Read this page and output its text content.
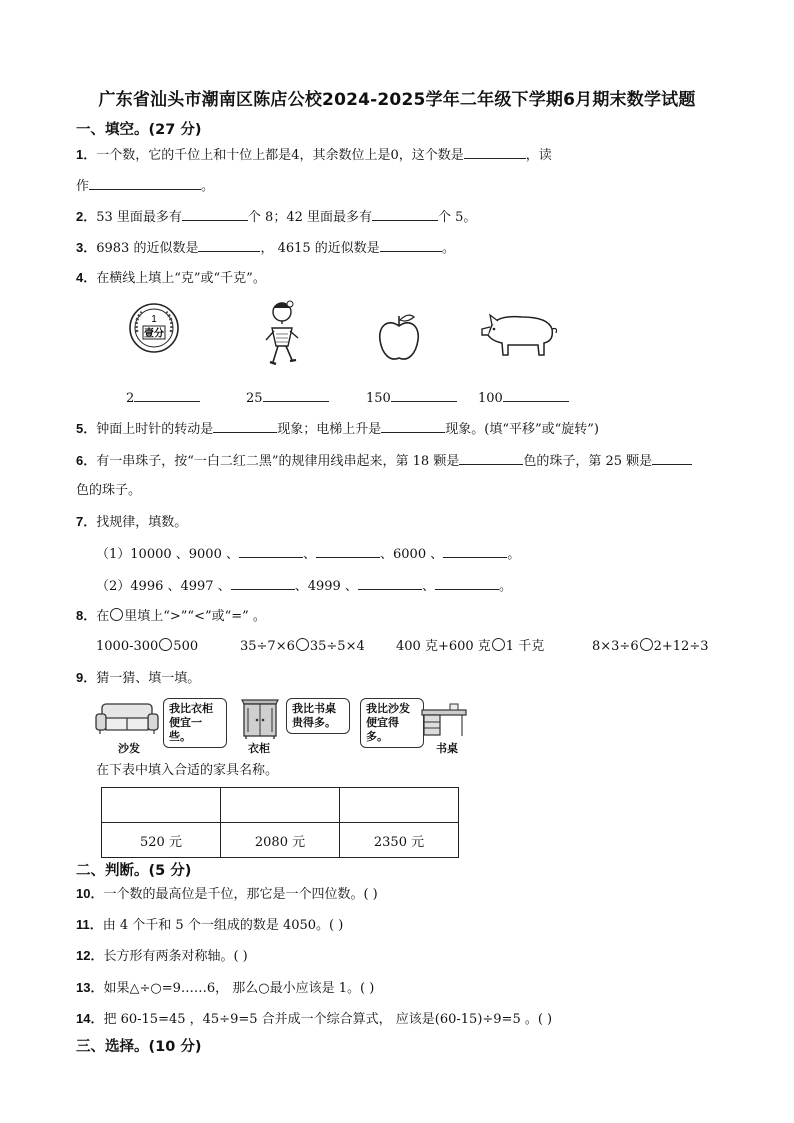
广东省汕头市潮南区陈店公校2024-2025学年二年级下学期6月期末数学试题
一、填空。(27 分)
1．一个数，它的千位上和十位上都是4，其余数位上是0，这个数是	，读
作	。
2．53 里面最多有	个 8；42 里面最多有	个 5。
3．6983 的近似数是	， 4615 的近似数是	。
4．在横线上填上“克”或“千克”。
1
壹分
2	25	150	100
5．钟面上时针的转动是	现象；电梯上升是	现象。(填“平移”或“旋转”)
6．有一串珠子，按“一白二红二黑”的规律用线串起来，第 18 颗是	色的珠子，第 25 颗是
色的珠子。
7．找规律，填数。
（1）10000 、9000 、	、	、6000 、	。
（2）4996 、4997 、	、4999 、	、	。
8．在 里填上“>”“<”或“=” 。
1000-300 500	35÷7×6 35÷5×4 400 克+600 克 1 千克	8×3÷6 2+12÷3
9．猜一猜、填一填。
我比衣柜便宜一些。
沙发
我比书桌贵得多。
衣柜
我比沙发便宜得多。
书桌
在下表中填入合适的家具名称。

520 元	2080 元	2350 元
二、判断。(5 分)
10．一个数的最高位是千位，那它是一个四位数。( )
11．由 4 个千和 5 个一组成的数是 4050。( )
12．长方形有两条对称轴。( )
13．如果△÷○=9……6， 那么○最小应该是 1。( )
14．把 60-15=45 ，45÷9=5 合并成一个综合算式， 应该是(60-15)÷9=5 。( )
三、选择。(10 分)
